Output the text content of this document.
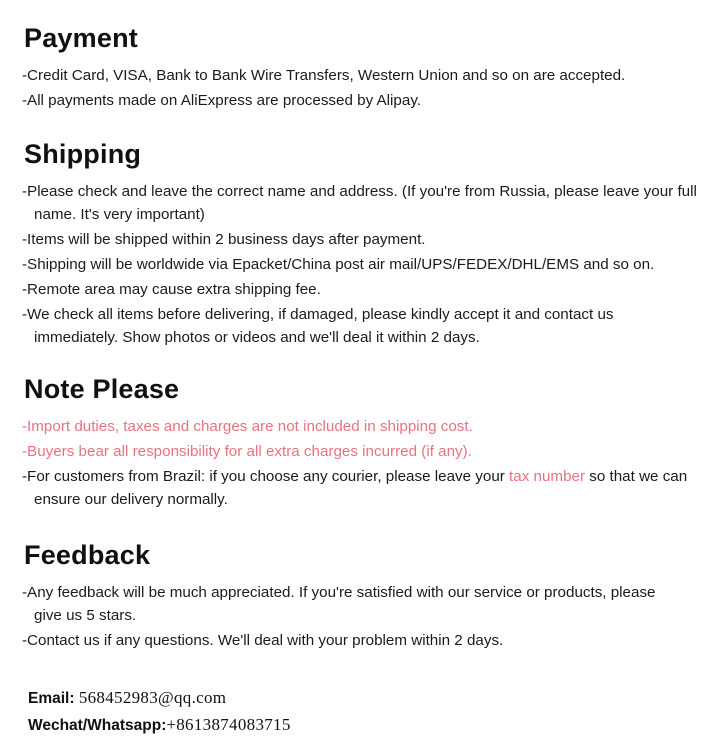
Payment

-Credit Card, VISA, Bank to Bank Wire Transfers, Western Union and so on are accepted.

-All payments made on AliExpress are processed by Alipay.

Shipping

-Please check and leave the correct name and address. (If you're from Russia, please leave your full
name. It's very important)

-Items will be shipped within 2 business days after payment.

-Shipping will be worldwide via Epacket/China post air mail/UPS/FEDEX/DHL/EMS and so on.

-Remote area may cause extra shipping fee.

-We check all items before delivering, if damaged, please kindly accept it and contact us
immediately. Show photos or videos and we'll deal it within 2 days.

Note Please

-Import duties, taxes and charges are not included in shipping cost.

-Buyers bear all responsibility for all extra charges incurred (if any).

-For customers from Brazil: if you choose any courier, please leave your tax number so that we can
ensure our delivery normally.

Feedback

-Any feedback will be much appreciated. If you're satisfied with our service or products, please
give us 5 stars.

-Contact us if any questions. We'll deal with your problem within 2 days.

Email: 568452983@qq.com
Wechat/Whatsapp:+8613874083715
